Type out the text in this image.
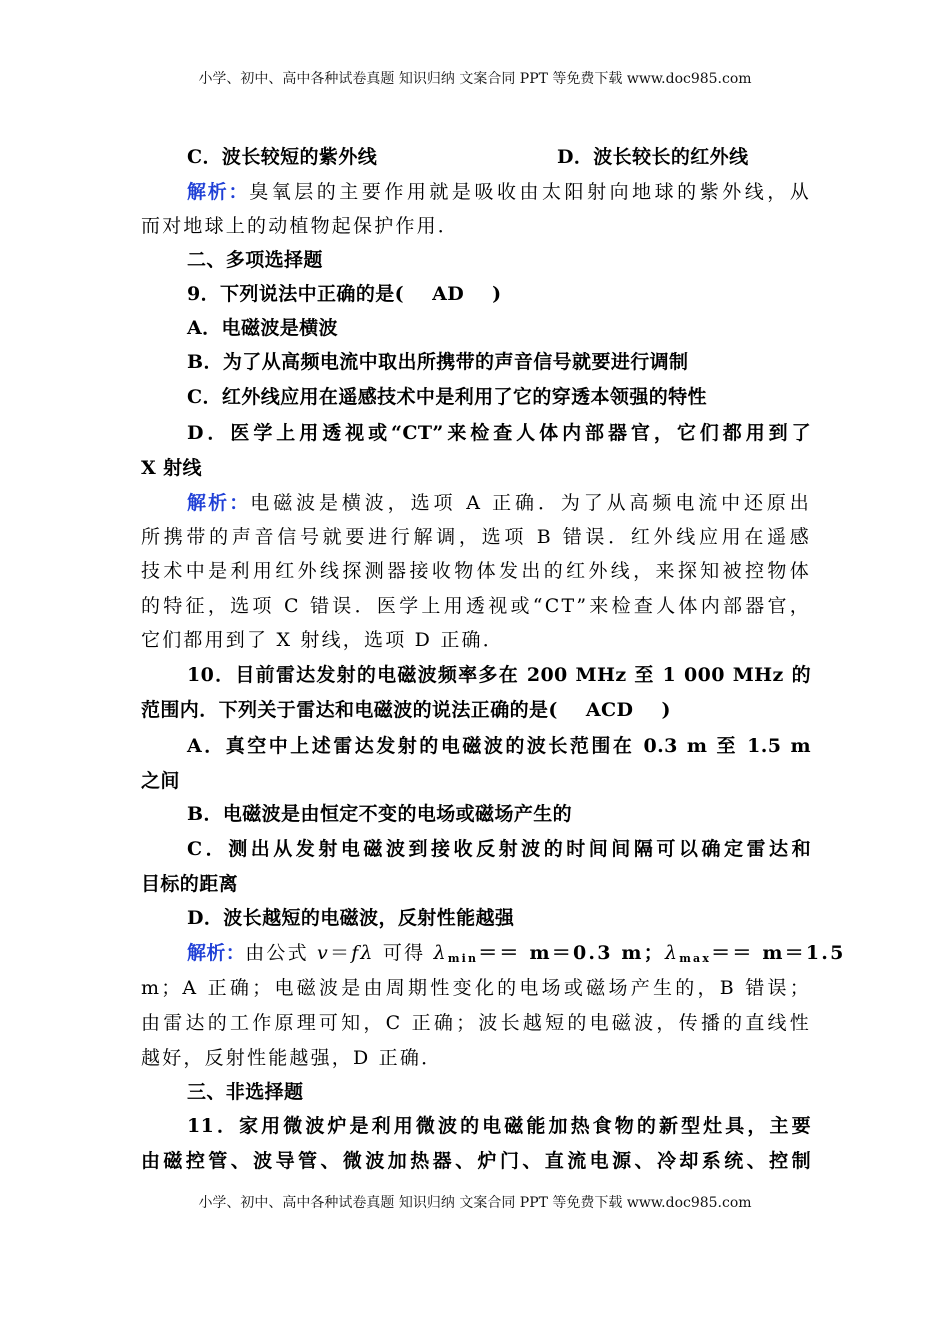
小学、初中、高中各种试卷真题 知识归纳 文案合同 PPT 等免费下载 www.doc985.com
C．波长较短的紫外线	D．波长较长的红外线
解析：臭氧层的主要作用就是吸收由太阳射向地球的紫外线，从
而对地球上的动植物起保护作用．
二、多项选择题
9．下列说法中正确的是(    AD    )
A．电磁波是横波
B．为了从高频电流中取出所携带的声音信号就要进行调制
C．红外线应用在遥感技术中是利用了它的穿透本领强的特性
D．医学上用透视或“CT”来检查人体内部器官，它们都用到了
X 射线
解析：电磁波是横波，选项 A 正确．为了从高频电流中还原出
所携带的声音信号就要进行解调，选项 B 错误．红外线应用在遥感
技术中是利用红外线探测器接收物体发出的红外线，来探知被控物体
的特征，选项 C 错误．医学上用透视或“CT”来检查人体内部器官，
它们都用到了 X 射线，选项 D 正确．
10．目前雷达发射的电磁波频率多在 200 MHz 至 1 000 MHz 的
范围内．下列关于雷达和电磁波的说法正确的是(    ACD    )
A．真空中上述雷达发射的电磁波的波长范围在 0.3 m 至 1.5 m
之间
B．电磁波是由恒定不变的电场或磁场产生的
C．测出从发射电磁波到接收反射波的时间间隔可以确定雷达和
目标的距离
D．波长越短的电磁波，反射性能越强
解析：由公式 v＝fλ 可得 $\lambda_{min}== m=0.3$ m；$\lambda_{max}== m=1.5$
m；A 正确；电磁波是由周期性变化的电场或磁场产生的，B 错误；
由雷达的工作原理可知，C 正确；波长越短的电磁波，传播的直线性
越好，反射性能越强，D 正确．
三、非选择题
11．家用微波炉是利用微波的电磁能加热食物的新型灶具，主要
由磁控管、波导管、微波加热器、炉门、直流电源、冷却系统、控制
小学、初中、高中各种试卷真题 知识归纳 文案合同 PPT 等免费下载 www.doc985.com
